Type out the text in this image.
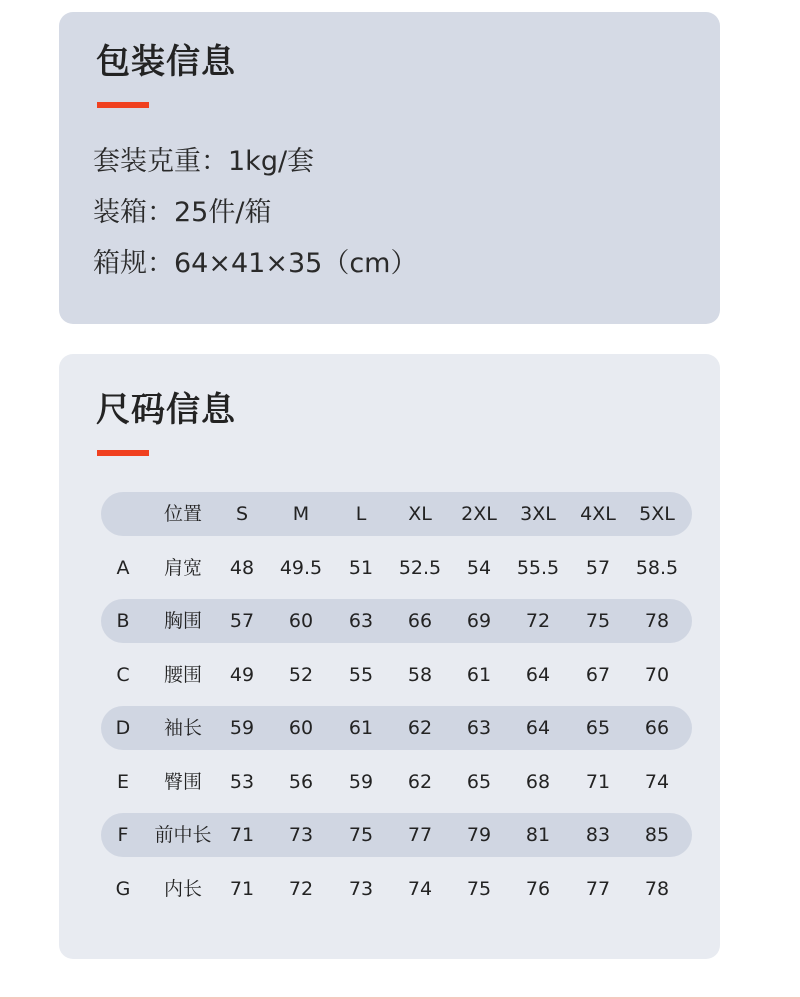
包装信息
套装克重：1kg/套
装箱：25件/箱
箱规：64×41×35（cm）
尺码信息
位置 S M L XL 2XL 3XL 4XL 5XL
A 肩宽 48 49.5 51 52.5 54 55.5 57 58.5
B 胸围 57 60 63 66 69 72 75 78
C 腰围 49 52 55 58 61 64 67 70
D 袖长 59 60 61 62 63 64 65 66
E 臀围 53 56 59 62 65 68 71 74
F 前中长 71 73 75 77 79 81 83 85
G 内长 71 72 73 74 75 76 77 78
